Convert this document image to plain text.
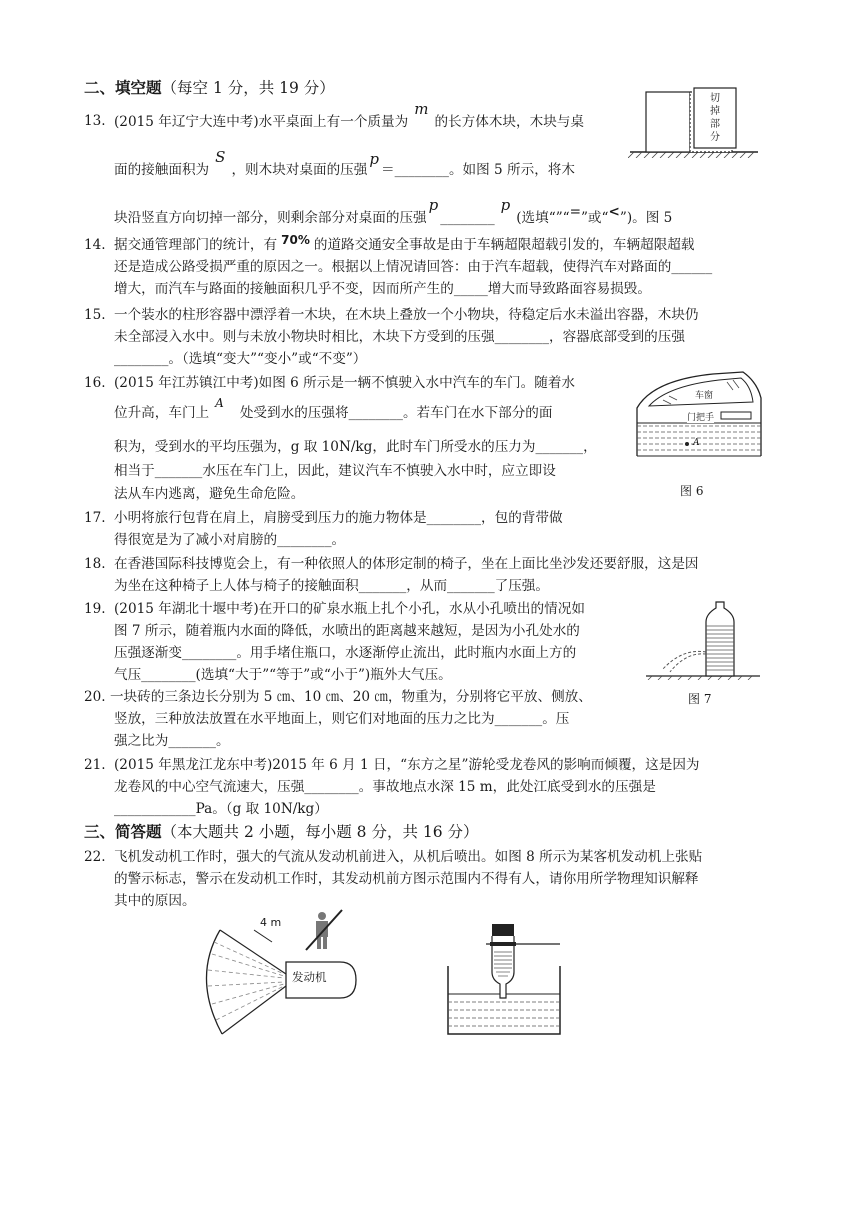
二、填空题（每空 1 分，共 19 分）
13. (2015 年辽宁大连中考)水平桌面上有一个质量为m的长方体木块，木块与桌
面的接触面积为S，则木块对桌面的压强p＝________。如图 5 所示，将木
块沿竖直方向切掉一部分，则剩余部分对桌面的压强p________p(选填“”“=”或“<”)。图 5
切掉部分
14. 据交通管理部门的统计，有 70% 的道路交通安全事故是由于车辆超限超载引发的，车辆超限超载
还是造成公路受损严重的原因之一。根据以上情况请回答：由于汽车超载，使得汽车对路面的______
增大，而汽车与路面的接触面积几乎不变，因而所产生的_____增大而导致路面容易损毁。
15. 一个装水的柱形容器中漂浮着一木块，在木块上叠放一个小物块，待稳定后水未溢出容器，木块仍
未全部浸入水中。则与未放小物块时相比，木块下方受到的压强________，容器底部受到的压强
________。（选填“变大”“变小”或“不变”）
16. (2015 年江苏镇江中考)如图 6 所示是一辆不慎驶入水中汽车的车门。随着水
位升高，车门上A处受到水的压强将________。若车门在水下部分的面
积为，受到水的平均压强为，g 取 10N/kg，此时车门所受水的压力为_______，
相当于_______水压在车门上，因此，建议汽车不慎驶入水中时，应立即设
法从车内逃离，避免生命危险。
车窗
门把手
A
图 6
17. 小明将旅行包背在肩上，肩膀受到压力的施力物体是________，包的背带做
得很宽是为了减小对肩膀的________。
18. 在香港国际科技博览会上，有一种依照人的体形定制的椅子，坐在上面比坐沙发还要舒服，这是因
为坐在这种椅子上人体与椅子的接触面积_______，从而_______了压强。
19. (2015 年湖北十堰中考)在开口的矿泉水瓶上扎个小孔，水从小孔喷出的情况如
图 7 所示，随着瓶内水面的降低，水喷出的距离越来越短，是因为小孔处水的
压强逐渐变________。用手堵住瓶口，水逐渐停止流出，此时瓶内水面上方的
气压________(选填“大于”“等于”或“小于”)瓶外大气压。
图 7
20. 一块砖的三条边长分别为 5 ㎝、10 ㎝、20 ㎝，物重为，分别将它平放、侧放、
竖放，三种放法放置在水平地面上，则它们对地面的压力之比为_______。压
强之比为_______。
21. (2015 年黑龙江龙东中考)2015 年 6 月 1 日，“东方之星”游轮受龙卷风的影响而倾覆，这是因为
龙卷风的中心空气流速大，压强________。事故地点水深 15 m，此处江底受到水的压强是
____________Pa。（g 取 10N/kg）
三、简答题（本大题共 2 小题，每小题 8 分，共 16 分）
22. 飞机发动机工作时，强大的气流从发动机前进入，从机后喷出。如图 8 所示为某客机发动机上张贴
的警示标志，警示在发动机工作时，其发动机前方图示范围内不得有人，请你用所学物理知识解释
其中的原因。
4 m
发动机
